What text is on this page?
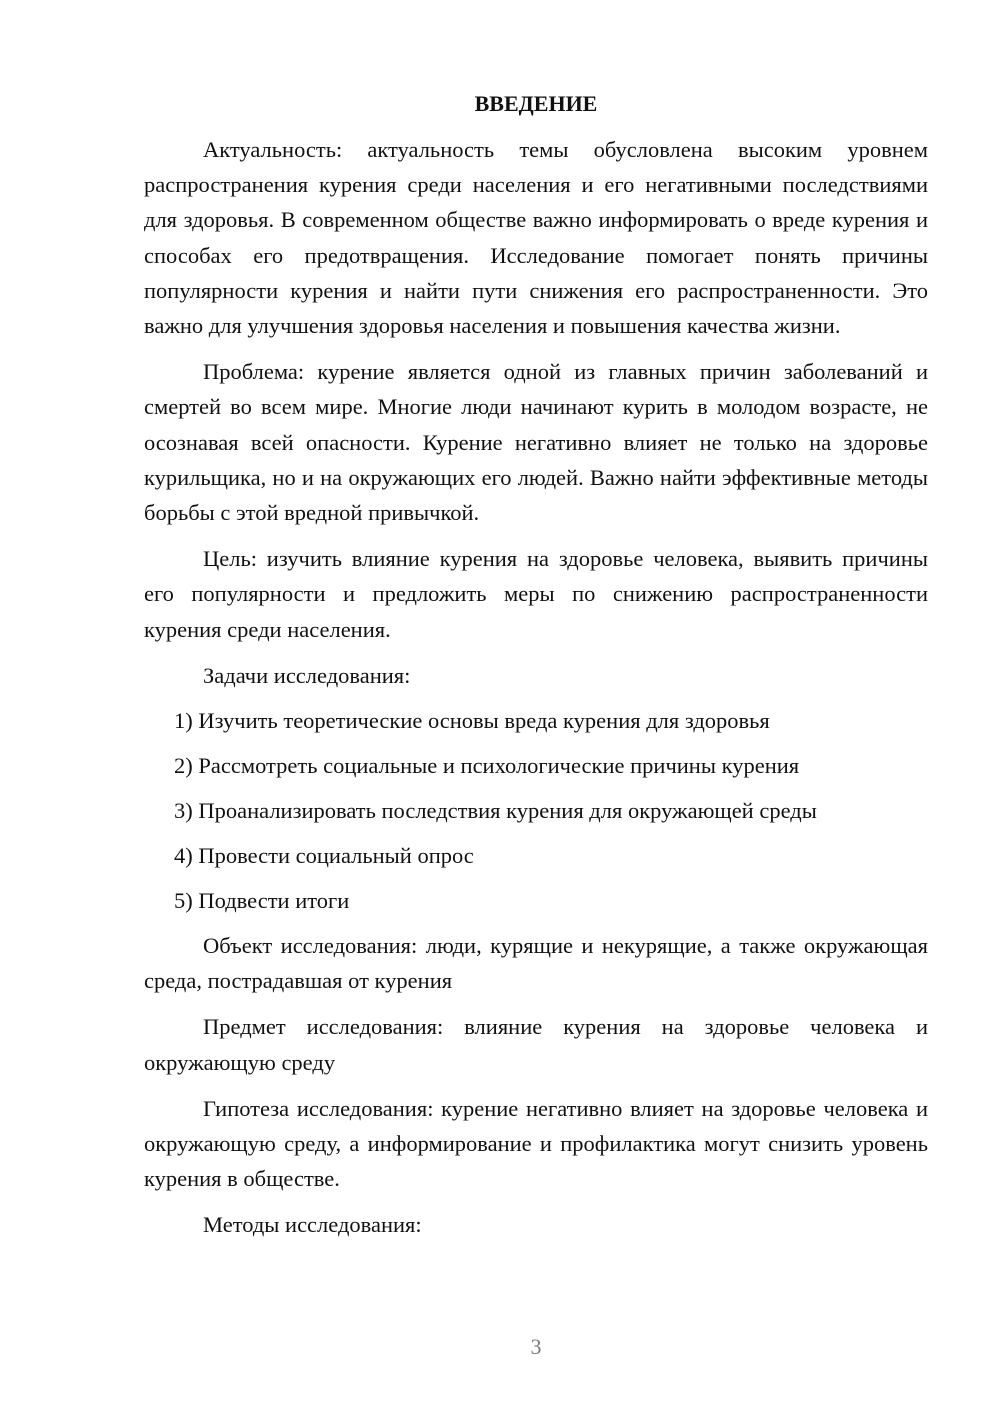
ВВЕДЕНИЕ

Актуальность: актуальность темы обусловлена высоким уровнем распространения курения среди населения и его негативными последствиями для здоровья. В современном обществе важно информировать о вреде курения и способах его предотвращения. Исследование помогает понять причины популярности курения и найти пути снижения его распространенности. Это важно для улучшения здоровья населения и повышения качества жизни.

Проблема: курение является одной из главных причин заболеваний и смертей во всем мире. Многие люди начинают курить в молодом возрасте, не осознавая всей опасности. Курение негативно влияет не только на здоровье курильщика, но и на окружающих его людей. Важно найти эффективные методы борьбы с этой вредной привычкой.

Цель: изучить влияние курения на здоровье человека, выявить причины его популярности и предложить меры по снижению распространенности курения среди населения.

Задачи исследования:

1) Изучить теоретические основы вреда курения для здоровья
2) Рассмотреть социальные и психологические причины курения
3) Проанализировать последствия курения для окружающей среды
4) Провести социальный опрос
5) Подвести итоги

Объект исследования: люди, курящие и некурящие, а также окружающая среда, пострадавшая от курения

Предмет исследования: влияние курения на здоровье человека и окружающую среду

Гипотеза исследования: курение негативно влияет на здоровье человека и окружающую среду, а информирование и профилактика могут снизить уровень курения в обществе.

Методы исследования:

3
